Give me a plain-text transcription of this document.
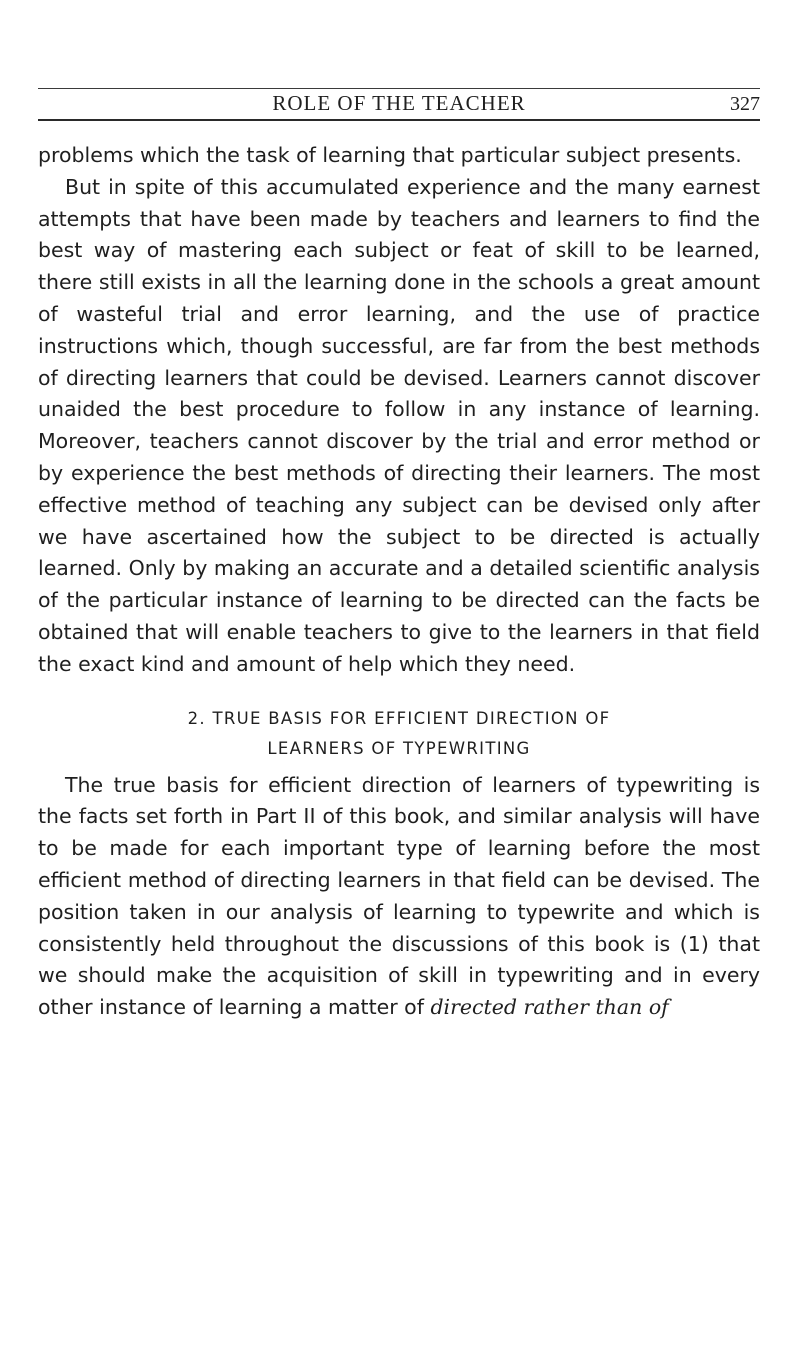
ROLE OF THE TEACHER	327

problems which the task of learning that particular subject presents.

But in spite of this accumulated experience and the many earnest attempts that have been made by teachers and learners to find the best way of mastering each subject or feat of skill to be learned, there still exists in all the learning done in the schools a great amount of wasteful trial and error learning, and the use of practice instructions which, though successful, are far from the best methods of directing learners that could be devised. Learners cannot discover unaided the best procedure to follow in any instance of learning. Moreover, teachers cannot discover by the trial and error method or by experience the best methods of directing their learners. The most effective method of teaching any subject can be devised only after we have ascertained how the subject to be directed is actually learned. Only by making an accurate and a detailed scientific analysis of the particular instance of learning to be directed can the facts be obtained that will enable teachers to give to the learners in that field the exact kind and amount of help which they need.

2. TRUE BASIS FOR EFFICIENT DIRECTION OF
LEARNERS OF TYPEWRITING

The true basis for efficient direction of learners of typewriting is the facts set forth in Part II of this book, and similar analysis will have to be made for each important type of learning before the most efficient method of directing learners in that field can be devised. The position taken in our analysis of learning to typewrite and which is consistently held throughout the discussions of this book is (1) that we should make the acquisition of skill in typewriting and in every other instance of learning a matter of directed rather than of
